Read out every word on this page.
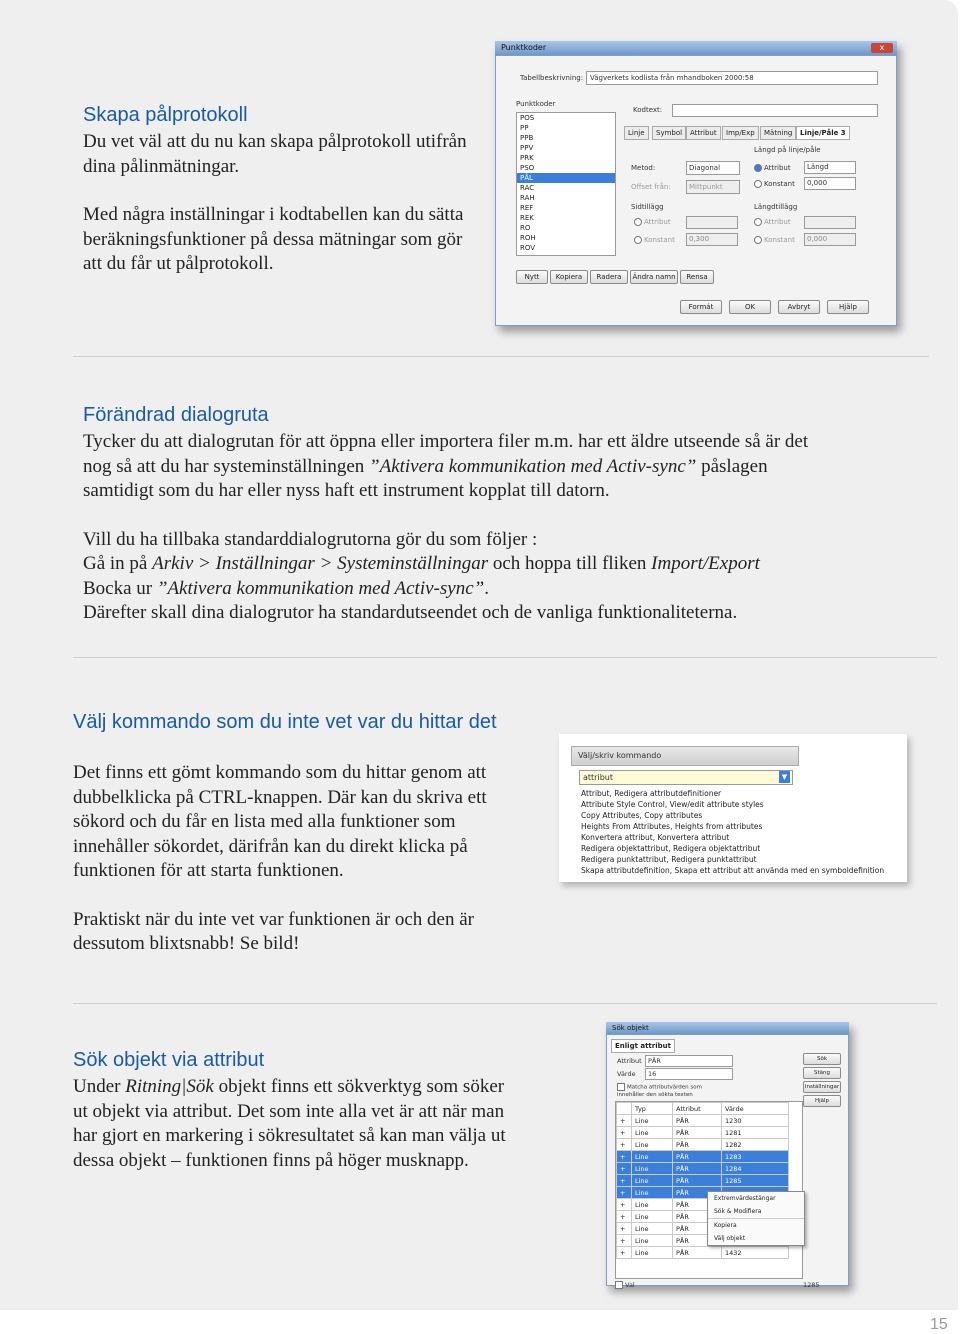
Skapa pålprotokoll

Du vet väl att du nu kan skapa pålprotokoll utifrån dina pålinmätningar.

Med några inställningar i kodtabellen kan du sätta beräkningsfunktioner på dessa mätningar som gör att du får ut pålprotokoll.

Punktkoder	x
Tabellbeskrivning: Vägverkets kodlista från mhandboken 2000:58
Punktkoder
POS
PP
PPB
PPV
PRK
PSO
PÅL
RAC
RAH
REF
REK
RO
ROH
ROV
Kodtext:
Linje	Symbol	Attribut	Imp/Exp	Mätning	Linje/Påle 3
Metod:	Diagonal
Offset från:	Mittpunkt
Längd på linje/påle
Attribut
Konstant
Längd
0,000
Sidtillägg
Attribut
Konstant 0,300
Längdtillägg
Attribut
Konstant 0,000
Nytt	Kopiera	Radera	Ändra namn	Rensa
Formát	OK	Avbryt	Hjälp
Förändrad dialogruta

Tycker du att dialogrutan för att öppna eller importera filer m.m. har ett äldre utseende så är det nog så att du har systeminställningen ”Aktivera kommunikation med Activ-sync” påslagen samtidigt som du har eller nyss haft ett instrument kopplat till datorn.

Vill du ha tillbaka standarddialogrutorna gör du som följer :

Gå in på Arkiv > Inställningar > Systeminställningar och hoppa till fliken Import/Export

Bocka ur ”Aktivera kommunikation med Activ-sync”.

Därefter skall dina dialogrutor ha standardutseendet och de vanliga funktionaliteterna.

Välj kommando som du inte vet var du hittar det

Det finns ett gömt kommando som du hittar genom att dubbelklicka på CTRL-knappen. Där kan du skriva ett sökord och du får en lista med alla funktioner som innehåller sökordet, därifrån kan du direkt klicka på funktionen för att starta funktionen.

Praktiskt när du inte vet var funktionen är och den är dessutom blixtsnabb! Se bild!

Välj/skriv kommando
attribut	▼
Attribut, Redigera attributdefinitioner
Attribute Style Control, View/edit attribute styles
Copy Attributes, Copy attributes
Heights From Attributes, Heights from attributes
Konvertera attribut, Konvertera attribut
Redigera objektattribut, Redigera objektattribut
Redigera punktattribut, Redigera punktattribut
Skapa attributdefinition, Skapa ett attribut att använda med en symboldefinition
Sök objekt via attribut

Under Ritning|Sök objekt finns ett sökverktyg som söker ut objekt via attribut. Det som inte alla vet är att när man har gjort en markering i sökresultatet så kan man välja ut dessa objekt – funktionen finns på höger musknapp.

Sök objekt
Enligt attribut
Attribut PÅR
Värde 16
Matcha attributvärden som innehåller den sökta texten
Sök
Stäng
Inställningar
Hjälp
	Typ	Attribut	Värde
+	Line	PÅR	1230
+	Line	PÅR	1281
+	Line	PÅR	1282
+	Line	PÅR	1283
+	Line	PÅR	1284
+	Line	PÅR	1285
+	Line	PÅR	
+	Line	PÅR	
+	Line	PÅR	
+	Line	PÅR	
+	Line	PÅR	
+	Line	PÅR	1432
Extremvärdestängar
Sök & Modifiera
Kopiera
Välj objekt
Val	1285
15
